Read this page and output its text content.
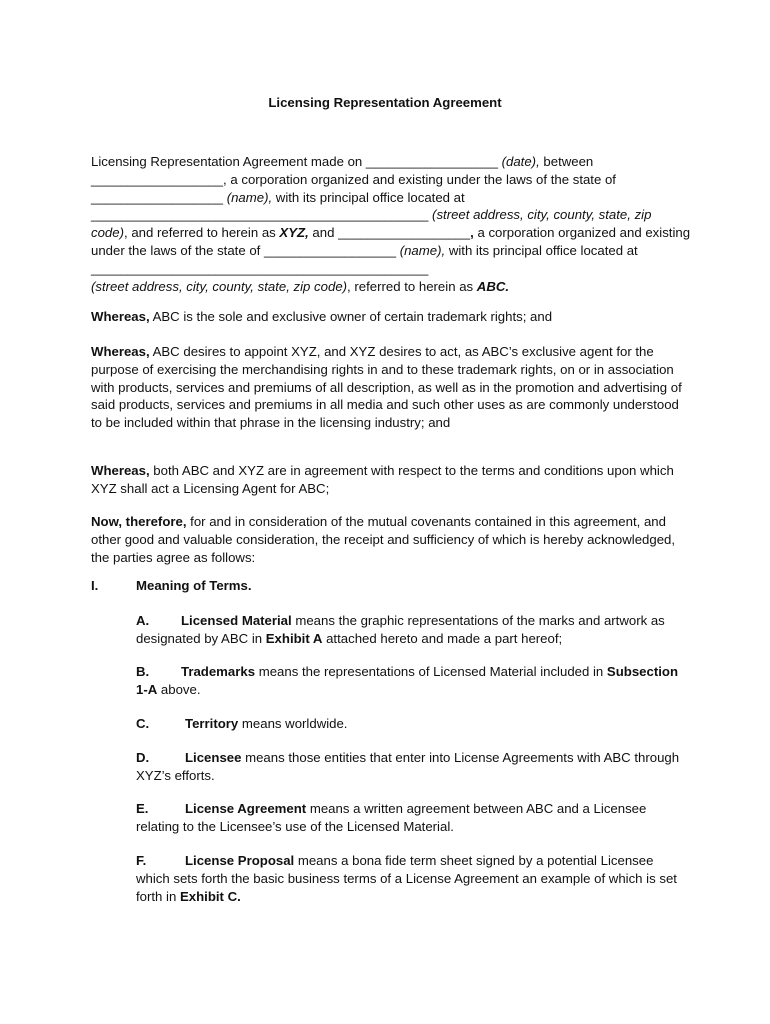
Licensing Representation Agreement

Licensing Representation Agreement made on __________________ (date), between
__________________, a corporation organized and existing under the laws of the state of
__________________ (name), with its principal office located at
______________________________________________ (street address, city, county, state, zip code), and referred to herein as XYZ, and __________________, a corporation organized and existing under the laws of the state of __________________ (name), with its principal office located at ______________________________________________
(street address, city, county, state, zip code), referred to herein as ABC.

Whereas, ABC is the sole and exclusive owner of certain trademark rights; and

Whereas, ABC desires to appoint XYZ, and XYZ desires to act, as ABC’s exclusive agent for the purpose of exercising the merchandising rights in and to these trademark rights, on or in association with products, services and premiums of all description, as well as in the promotion and advertising of said products, services and premiums in all media and such other uses as are commonly understood to be included within that phrase in the licensing industry; and

Whereas, both ABC and XYZ are in agreement with respect to the terms and conditions upon which XYZ shall act a Licensing Agent for ABC;

Now, therefore, for and in consideration of the mutual covenants contained in this agreement, and other good and valuable consideration, the receipt and sufficiency of which is hereby acknowledged, the parties agree as follows:

I.	Meaning of Terms.

A. Licensed Material means the graphic representations of the marks and artwork as designated by ABC in Exhibit A attached hereto and made a part hereof;

B. Trademarks means the representations of Licensed Material included in Subsection 1-A above.

C.	Territory means worldwide.

D.	Licensee means those entities that enter into License Agreements with ABC through XYZ’s efforts.

E.	License Agreement means a written agreement between ABC and a Licensee relating to the Licensee’s use of the Licensed Material.

F.	License Proposal means a bona fide term sheet signed by a potential Licensee which sets forth the basic business terms of a License Agreement an example of which is set forth in Exhibit C.
